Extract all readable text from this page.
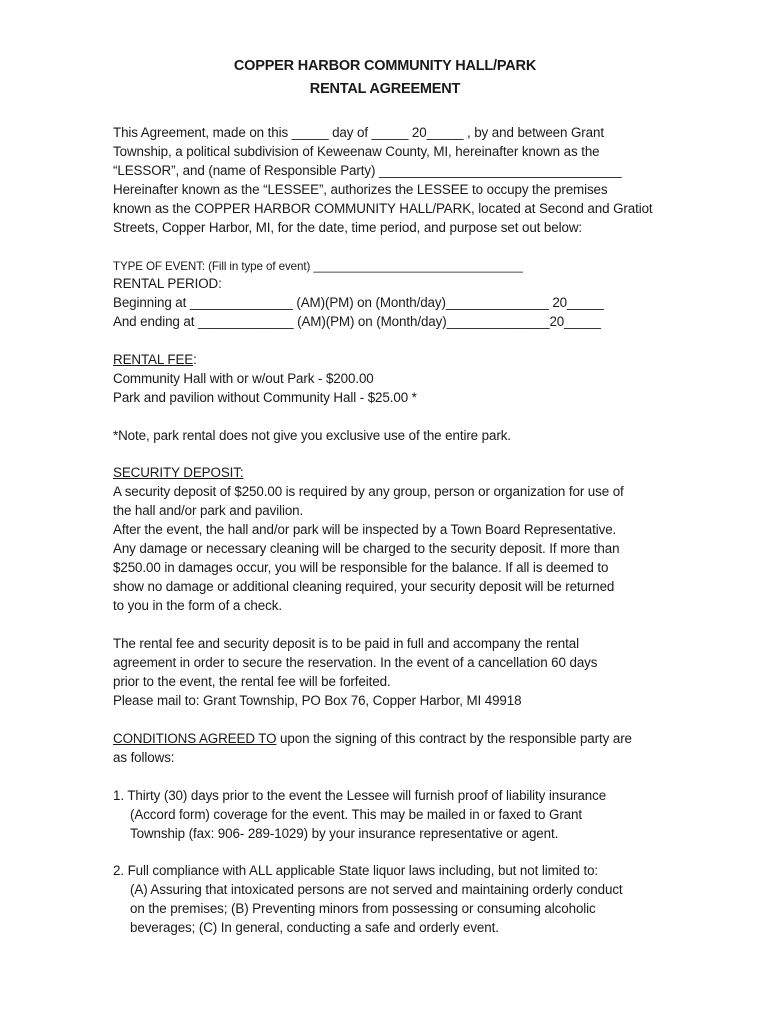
COPPER HARBOR COMMUNITY HALL/PARK
RENTAL AGREEMENT
This Agreement, made on this _____ day of _____ 20_____ , by and between Grant
Township, a political subdivision of Keweenaw County, MI, hereinafter known as the
“LESSOR”, and (name of Responsible Party) _________________________________
Hereinafter known as the “LESSEE”, authorizes the LESSEE to occupy the premises
known as the COPPER HARBOR COMMUNITY HALL/PARK, located at Second and Gratiot
Streets, Copper Harbor, MI, for the date, time period, and purpose set out below:
TYPE OF EVENT: (Fill in type of event) _________________________________
RENTAL PERIOD:
Beginning at ______________ (AM)(PM) on (Month/day)______________ 20_____
And ending at _____________ (AM)(PM) on (Month/day)______________20_____
RENTAL FEE:
Community Hall with or w/out Park - $200.00
Park and pavilion without Community Hall - $25.00 *
*Note, park rental does not give you exclusive use of the entire park.
SECURITY DEPOSIT:
A security deposit of $250.00 is required by any group, person or organization for use of
the hall and/or park and pavilion.
After the event, the hall and/or park will be inspected by a Town Board Representative.
Any damage or necessary cleaning will be charged to the security deposit. If more than
$250.00 in damages occur, you will be responsible for the balance. If all is deemed to
show no damage or additional cleaning required, your security deposit will be returned
to you in the form of a check.
The rental fee and security deposit is to be paid in full and accompany the rental
agreement in order to secure the reservation. In the event of a cancellation 60 days
prior to the event, the rental fee will be forfeited.
Please mail to: Grant Township, PO Box 76, Copper Harbor, MI 49918
CONDITIONS AGREED TO upon the signing of this contract by the responsible party are
as follows:
1. Thirty (30) days prior to the event the Lessee will furnish proof of liability insurance
(Accord form) coverage for the event. This may be mailed in or faxed to Grant
Township (fax: 906- 289-1029) by your insurance representative or agent.
2. Full compliance with ALL applicable State liquor laws including, but not limited to:
(A) Assuring that intoxicated persons are not served and maintaining orderly conduct
on the premises; (B) Preventing minors from possessing or consuming alcoholic
beverages; (C) In general, conducting a safe and orderly event.
